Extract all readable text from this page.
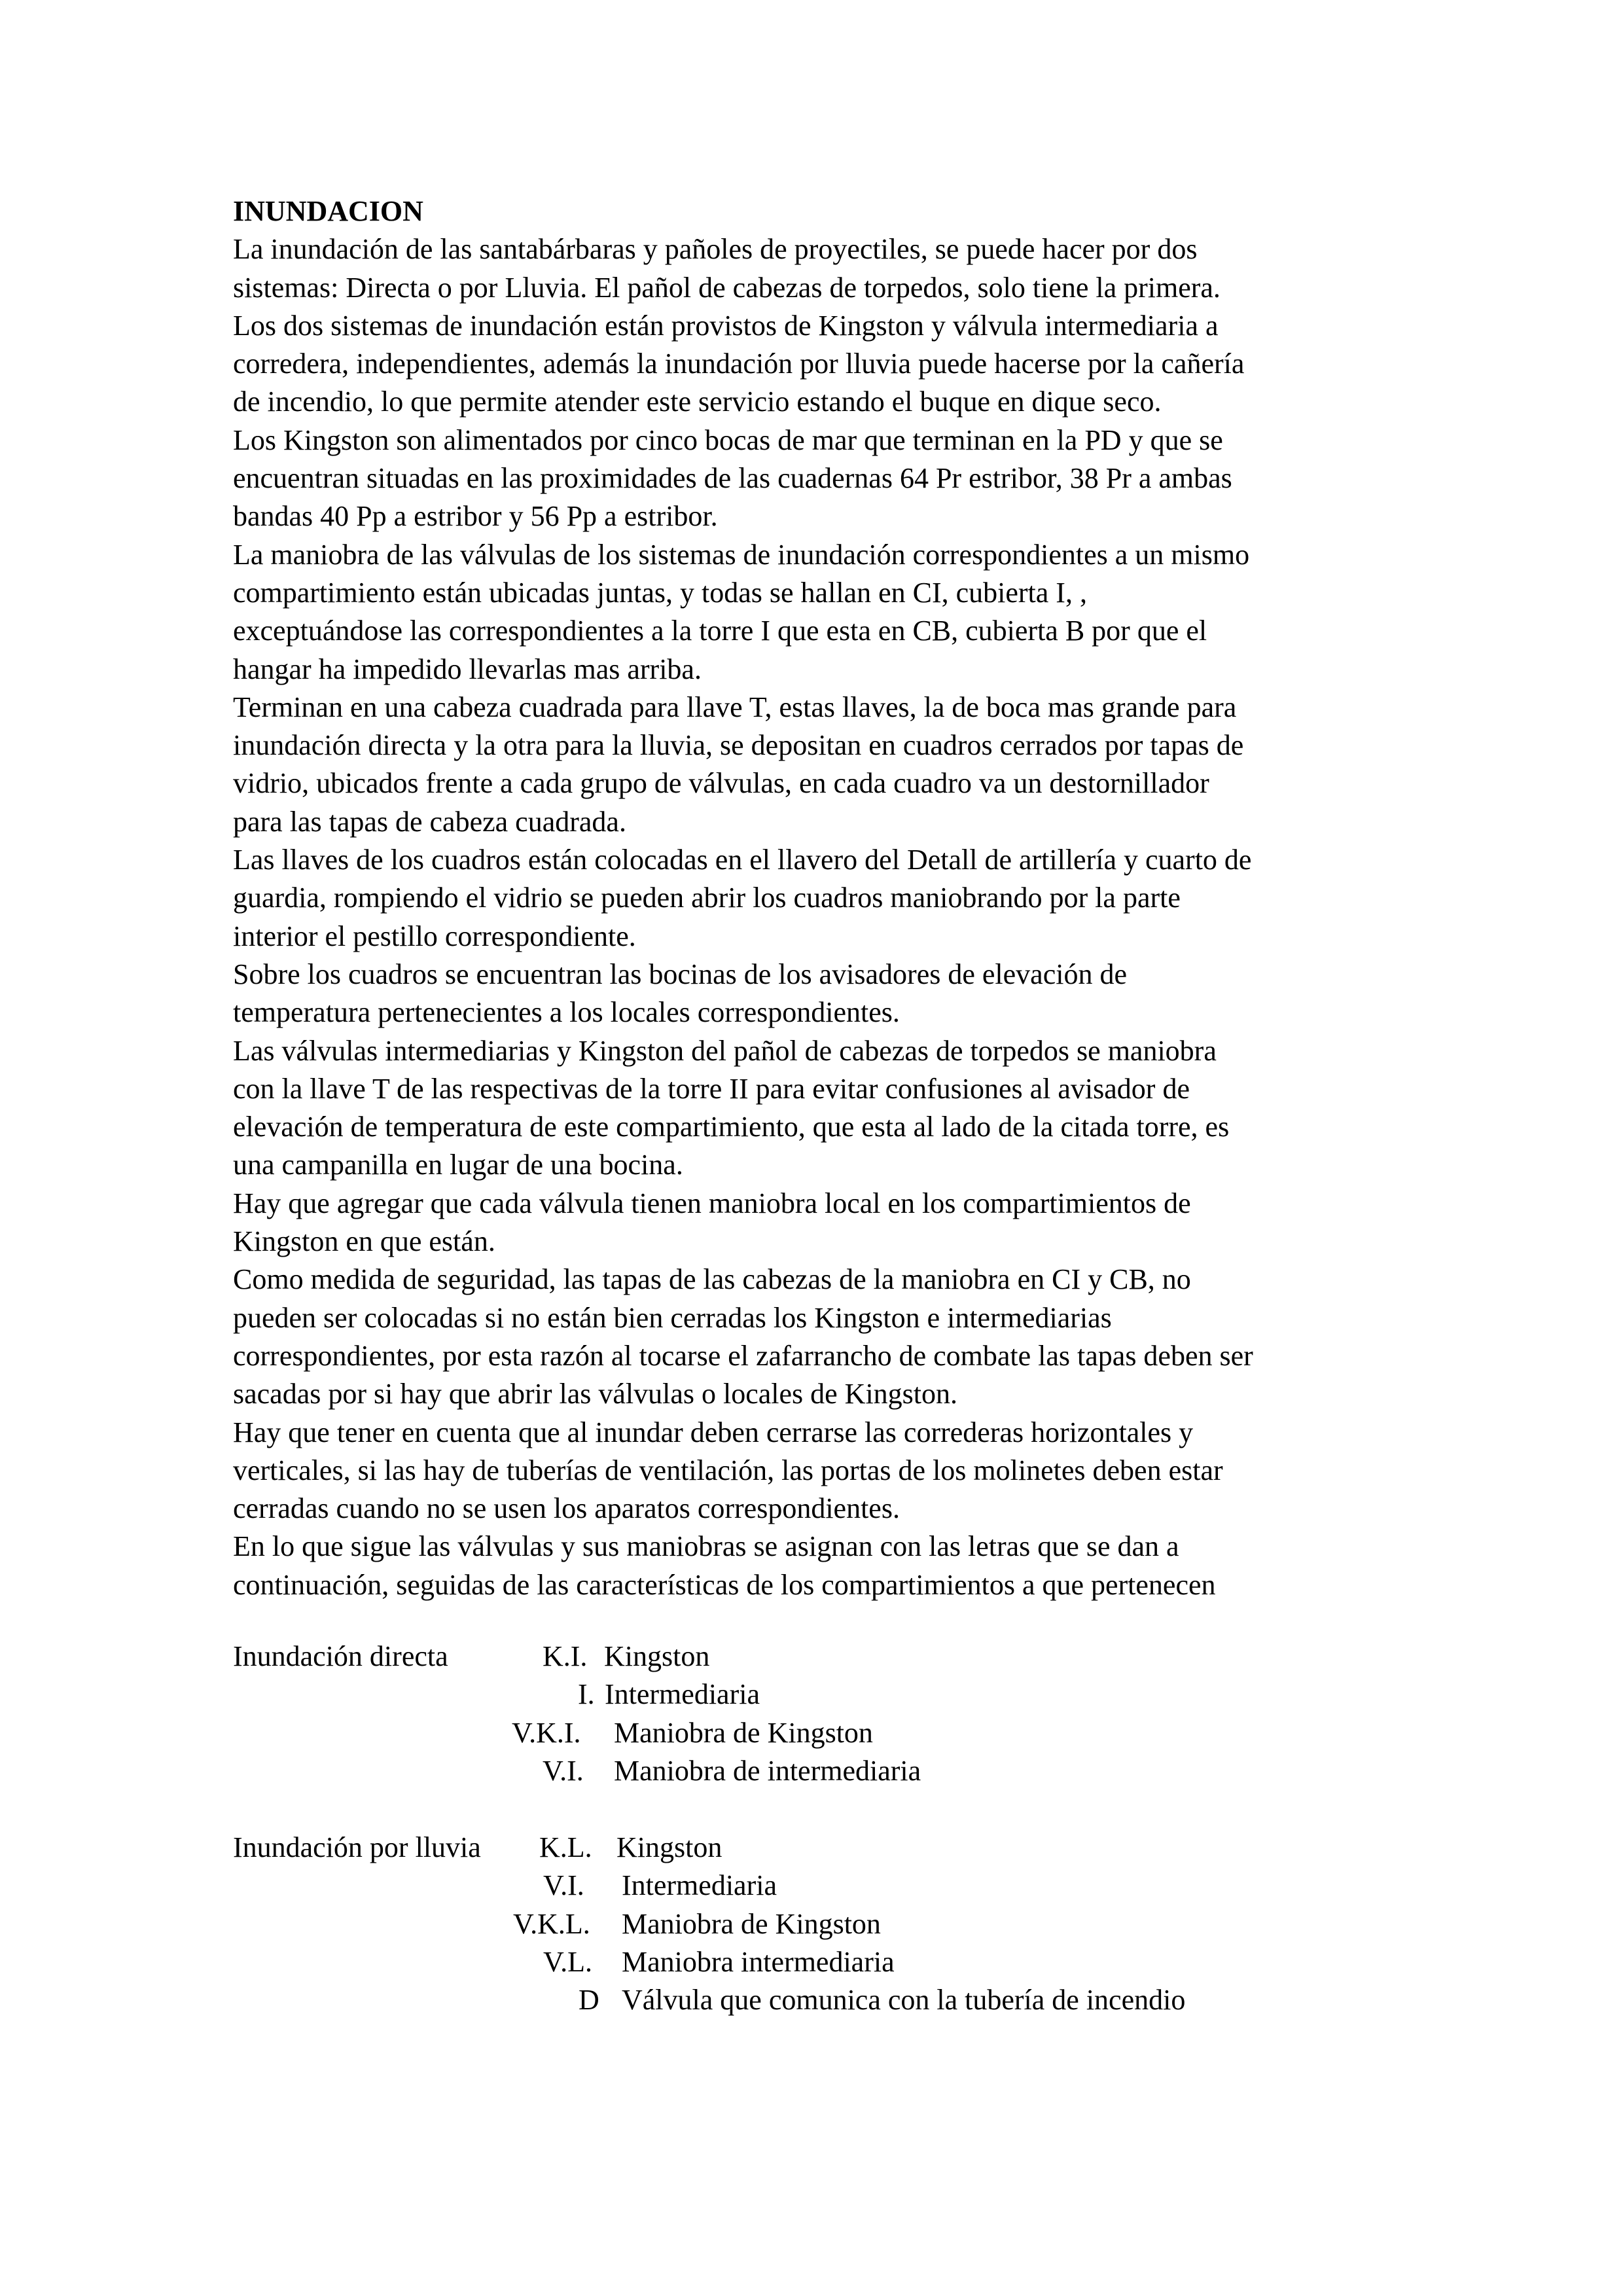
INUNDACION

La inundación de las santabárbaras y pañoles de proyectiles, se puede hacer por dos

sistemas: Directa o por Lluvia. El pañol de cabezas de torpedos, solo tiene la primera.

Los dos sistemas de inundación están provistos de Kingston y válvula intermediaria a

corredera, independientes, además la inundación por lluvia puede hacerse por la cañería

de incendio, lo que permite atender este servicio estando el buque en dique seco.

Los Kingston son alimentados por cinco bocas de mar que terminan en la PD y que se

encuentran situadas en las proximidades de las cuadernas 64 Pr estribor, 38 Pr a ambas

bandas 40 Pp a estribor y 56 Pp a estribor.

La maniobra de las válvulas de los sistemas de inundación correspondientes a un mismo

compartimiento están ubicadas juntas, y todas se hallan en CI, cubierta I, ,

exceptuándose las correspondientes a la torre I que esta en CB, cubierta B por que el

hangar ha impedido llevarlas mas arriba.

Terminan en una cabeza cuadrada para llave T, estas llaves, la de boca mas grande para

inundación directa y la otra para la lluvia, se depositan en cuadros cerrados por tapas de

vidrio, ubicados frente a cada grupo de válvulas, en cada cuadro va un destornillador

para las tapas de cabeza cuadrada.

Las llaves de los cuadros están colocadas en el llavero del Detall de artillería y cuarto de

guardia, rompiendo el vidrio se pueden abrir los cuadros maniobrando por la parte

interior el pestillo correspondiente.

Sobre los cuadros se encuentran las bocinas de los avisadores de elevación de

temperatura pertenecientes a los locales correspondientes.

Las válvulas intermediarias y Kingston del pañol de cabezas de torpedos se maniobra

con la llave T de las respectivas de la torre II para evitar confusiones al avisador de

elevación de temperatura de este compartimiento, que esta al lado de la citada torre, es

una campanilla en lugar de una bocina.

Hay que agregar que cada válvula tienen maniobra local en los compartimientos de

Kingston en que están.

Como medida de seguridad, las tapas de las cabezas de la maniobra en CI y CB, no

pueden ser colocadas si no están bien cerradas los Kingston e intermediarias

correspondientes, por esta razón al tocarse el zafarrancho de combate las tapas deben ser

sacadas por si hay que abrir las válvulas o locales de Kingston.

Hay que tener en cuenta que al inundar deben cerrarse las correderas horizontales y

verticales, si las hay de tuberías de ventilación, las portas de los molinetes deben estar

cerradas cuando no se usen los aparatos correspondientes.

En lo que sigue las válvulas y sus maniobras se asignan con las letras que se dan a

continuación, seguidas de las características de los compartimientos a que pertenecen

Inundación directa	K.I. Kingston
I. Intermediaria
V.K.I. Maniobra de Kingston
V.I. Maniobra de intermediaria
Inundación por lluvia K.L. Kingston
V.I. Intermediaria
V.K.L. Maniobra de Kingston
V.L. Maniobra intermediaria
D Válvula que comunica con la tubería de incendio
